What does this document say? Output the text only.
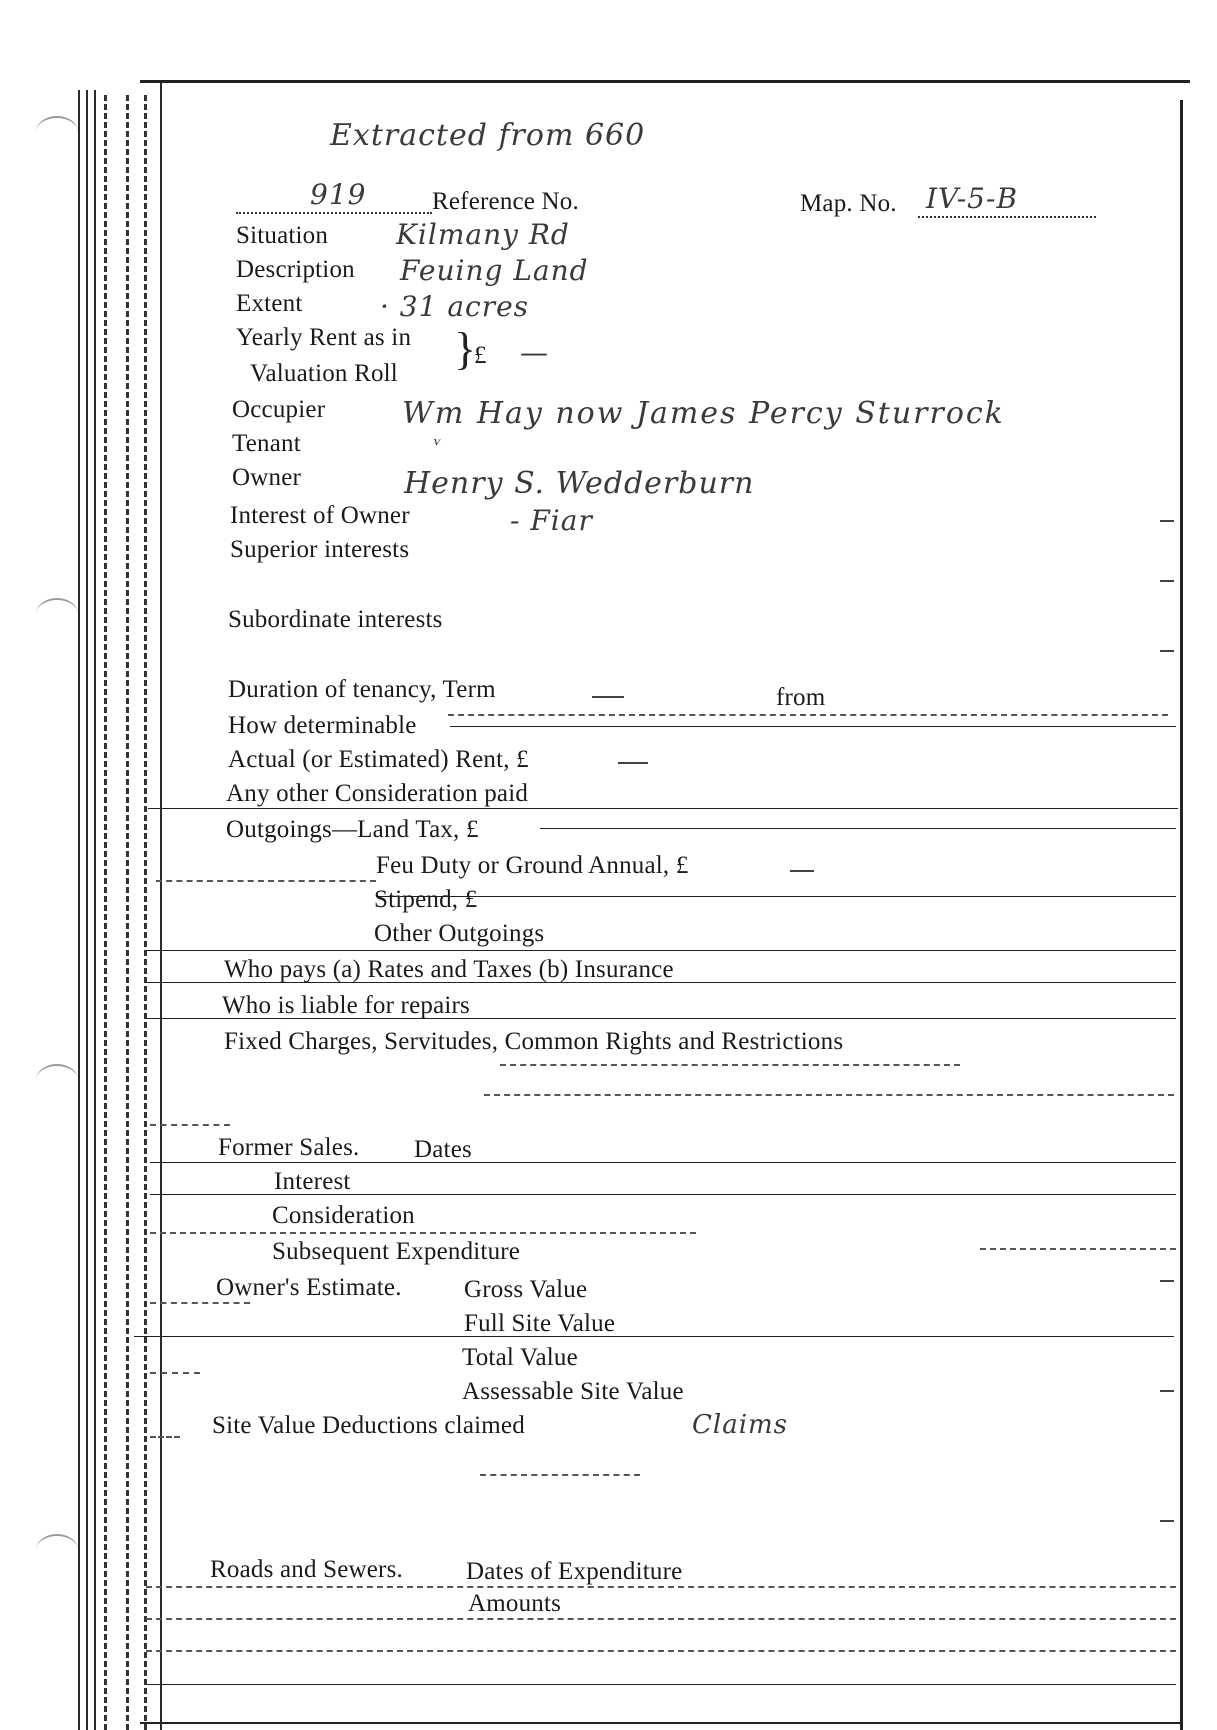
Extracted from 660
919	Reference No.	Map. No. IV-5-B
Situation Kilmany Rd
Description Feuing Land
Extent	· 31 acres
Yearly Rent as in
Valuation Roll }
£ —
Occupier	Wm Hay now James Percy Sturrock
Tenant	ᵥ
Owner	Henry S. Wedderburn
Interest of Owner	- Fiar
Superior interests
Subordinate interests
Duration of tenancy, Term	from
How determinable
Actual (or Estimated) Rent, £
Any other Consideration paid
Outgoings—Land Tax, £
Feu Duty or Ground Annual, £
Stipend, £
Other Outgoings
Who pays (a) Rates and Taxes (b) Insurance
Who is liable for repairs
Fixed Charges, Servitudes, Common Rights and Restrictions
Former Sales. Dates
Interest
Consideration
Subsequent Expenditure
Owner's Estimate. Gross Value
Full Site Value
Total Value
Assessable Site Value
Site Value Deductions claimed	Claims
Roads and Sewers.	Dates of Expenditure
Amounts
